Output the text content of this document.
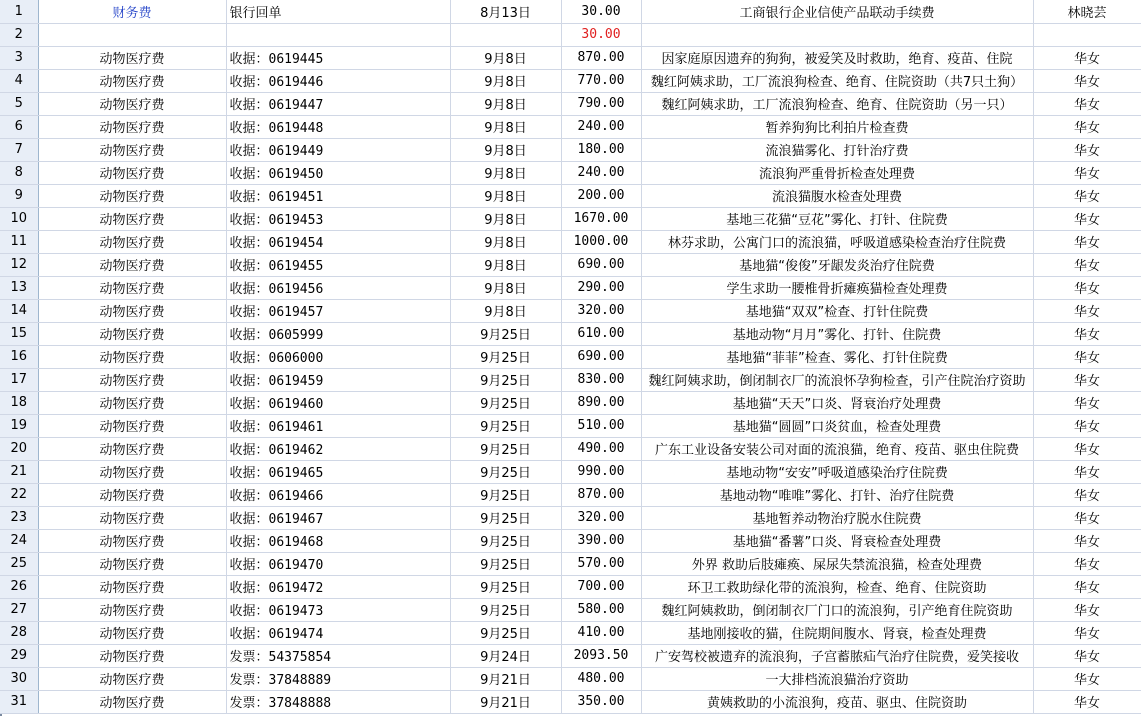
1	财务费	银行回单	8月13日	30.00	工商银行企业信使产品联动手续费	林晓芸
2				30.00		
3	动物医疗费	收据：0619445	9月8日	870.00	因家庭原因遗弃的狗狗，被爱笑及时救助，绝育、疫苗、住院	华女
4	动物医疗费	收据：0619446	9月8日	770.00	魏红阿姨求助，工厂流浪狗检查、绝育、住院资助（共7只土狗）	华女
5	动物医疗费	收据：0619447	9月8日	790.00	魏红阿姨求助，工厂流浪狗检查、绝育、住院资助（另一只）	华女
6	动物医疗费	收据：0619448	9月8日	240.00	暂养狗狗比利拍片检查费	华女
7	动物医疗费	收据：0619449	9月8日	180.00	流浪猫雾化、打针治疗费	华女
8	动物医疗费	收据：0619450	9月8日	240.00	流浪狗严重骨折检查处理费	华女
9	动物医疗费	收据：0619451	9月8日	200.00	流浪猫腹水检查处理费	华女
10	动物医疗费	收据：0619453	9月8日	1670.00	基地三花猫“豆花”雾化、打针、住院费	华女
11	动物医疗费	收据：0619454	9月8日	1000.00	林芬求助，公寓门口的流浪猫，呼吸道感染检查治疗住院费	华女
12	动物医疗费	收据：0619455	9月8日	690.00	基地猫“俊俊”牙龈发炎治疗住院费	华女
13	动物医疗费	收据：0619456	9月8日	290.00	学生求助一腰椎骨折瘫痪猫检查处理费	华女
14	动物医疗费	收据：0619457	9月8日	320.00	基地猫“双双”检查、打针住院费	华女
15	动物医疗费	收据：0605999	9月25日	610.00	基地动物“月月”雾化、打针、住院费	华女
16	动物医疗费	收据：0606000	9月25日	690.00	基地猫“菲菲”检查、雾化、打针住院费	华女
17	动物医疗费	收据：0619459	9月25日	830.00	魏红阿姨求助，倒闭制衣厂的流浪怀孕狗检查，引产住院治疗资助	华女
18	动物医疗费	收据：0619460	9月25日	890.00	基地猫“天天”口炎、肾衰治疗处理费	华女
19	动物医疗费	收据：0619461	9月25日	510.00	基地猫“圆圆”口炎贫血，检查处理费	华女
20	动物医疗费	收据：0619462	9月25日	490.00	广东工业设备安装公司对面的流浪猫，绝育、疫苗、驱虫住院费	华女
21	动物医疗费	收据：0619465	9月25日	990.00	基地动物“安安”呼吸道感染治疗住院费	华女
22	动物医疗费	收据：0619466	9月25日	870.00	基地动物“唯唯”雾化、打针、治疗住院费	华女
23	动物医疗费	收据：0619467	9月25日	320.00	基地暂养动物治疗脱水住院费	华女
24	动物医疗费	收据：0619468	9月25日	390.00	基地猫“番薯”口炎、肾衰检查处理费	华女
25	动物医疗费	收据：0619470	9月25日	570.00	外界 救助后肢瘫痪、屎尿失禁流浪猫，检查处理费	华女
26	动物医疗费	收据：0619472	9月25日	700.00	环卫工救助绿化带的流浪狗，检查、绝育、住院资助	华女
27	动物医疗费	收据：0619473	9月25日	580.00	魏红阿姨救助，倒闭制衣厂门口的流浪狗，引产绝育住院资助	华女
28	动物医疗费	收据：0619474	9月25日	410.00	基地刚接收的猫，住院期间腹水、肾衰，检查处理费	华女
29	动物医疗费	发票：54375854	9月24日	2093.50	广安驾校被遗弃的流浪狗，子宫蓄脓疝气治疗住院费，爱笑接收	华女
30	动物医疗费	发票：37848889	9月21日	480.00	一大排档流浪猫治疗资助	华女
31	动物医疗费	发票：37848888	9月21日	350.00	黄姨救助的小流浪狗，疫苗、驱虫、住院资助	华女
